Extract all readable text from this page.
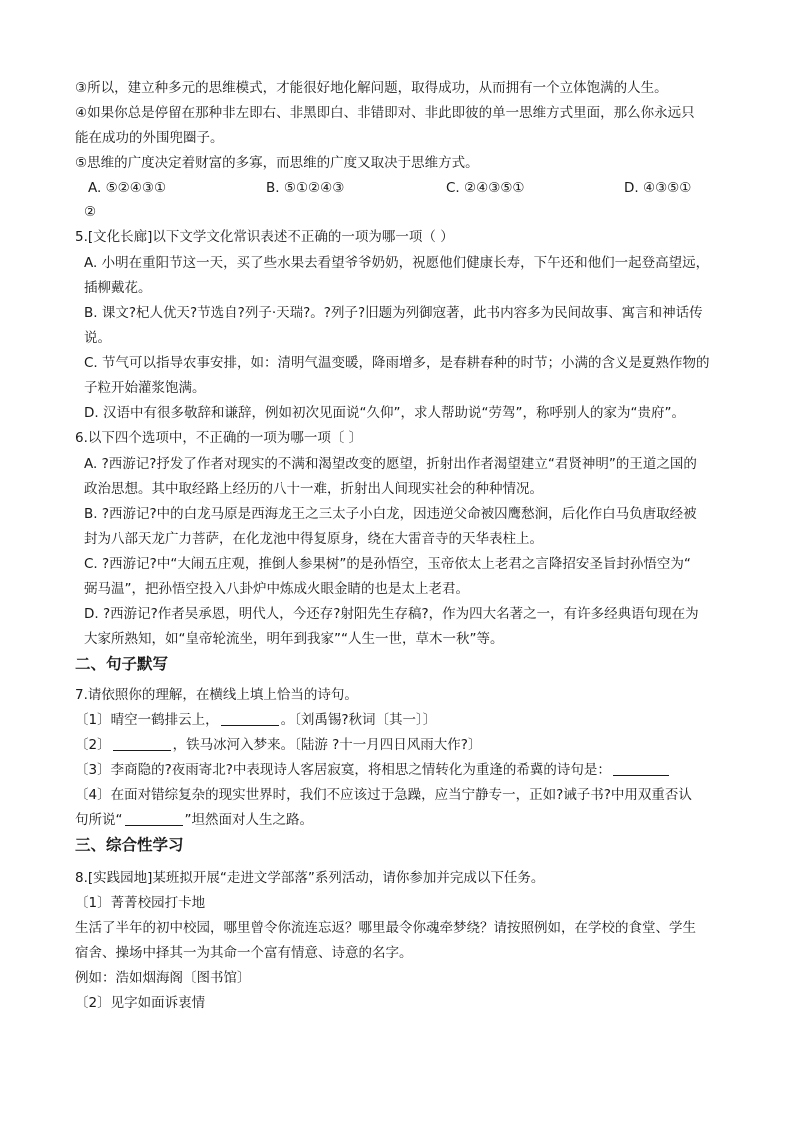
③所以，建立种多元的思维模式，才能很好地化解问题，取得成功，从而拥有一个立体饱满的人生。
④如果你总是停留在那种非左即右、非黑即白、非错即对、非此即彼的单一思维方式里面，那么你永远只
能在成功的外围兜圈子。
⑤思维的广度决定着财富的多寡，而思维的广度又取决于思维方式。
A. ⑤②④③①	B. ⑤①②④③	C. ②④③⑤①	D. ④③⑤①
②
5.[文化长廊]以下文学文化常识表述不正确的一项为哪一项（ ）
A. 小明在重阳节这一天，买了些水果去看望爷爷奶奶，祝愿他们健康长寿，下午还和他们一起登高望远，
插柳戴花。
B. 课文?杞人优天?节选自?列子·天瑞?。?列子?旧题为列御寇著，此书内容多为民间故事、寓言和神话传
说。
C. 节气可以指导农事安排，如：清明气温变暖，降雨增多，是春耕春种的时节；小满的含义是夏熟作物的
子粒开始灌浆饱满。
D. 汉语中有很多敬辞和谦辞，例如初次见面说“久仰”，求人帮助说“劳驾”，称呼别人的家为“贵府”。
6.以下四个选项中，不正确的一项为哪一项〔 〕
A. ?西游记?抒发了作者对现实的不满和渴望改变的愿望，折射出作者渴望建立“君贤神明”的王道之国的
政治思想。其中取经路上经历的八十一难，折射出人间现实社会的种种情况。
B. ?西游记?中的白龙马原是西海龙王之三太子小白龙，因违逆父命被囚鹰愁涧，后化作白马负唐取经被
封为八部天龙广力菩萨，在化龙池中得复原身，绕在大雷音寺的天华表柱上。
C. ?西游记?中“大闹五庄观，推倒人参果树”的是孙悟空，玉帝依太上老君之言降招安圣旨封孙悟空为“
弼马温”，把孙悟空投入八卦炉中炼成火眼金睛的也是太上老君。
D. ?西游记?作者吴承恩，明代人，今还存?射阳先生存稿?，作为四大名著之一，有许多经典语句现在为
大家所熟知，如“皇帝轮流坐，明年到我家”“人生一世，草木一秋”等。
二、句子默写
7.请依照你的理解，在横线上填上恰当的诗句。
〔1〕晴空一鹤排云上，	。〔刘禹锡?秋词〔其一〕〕
〔2〕	，铁马冰河入梦来。〔陆游 ?十一月四日风雨大作?〕
〔3〕李商隐的?夜雨寄北?中表现诗人客居寂寞，将相思之情转化为重逢的希冀的诗句是：
〔4〕在面对错综复杂的现实世界时，我们不应该过于急躁，应当宁静专一，正如?诫子书?中用双重否认
句所说“	”坦然面对人生之路。
三、综合性学习
8.[实践园地]某班拟开展“走进文学部落”系列活动，请你参加并完成以下任务。
〔1〕菁菁校园打卡地
生活了半年的初中校园，哪里曾令你流连忘返？哪里最令你魂牵梦绕？请按照例如，在学校的食堂、学生
宿舍、操场中择其一为其命一个富有情意、诗意的名字。
例如：浩如烟海阁〔图书馆〕
〔2〕见字如面诉衷情
